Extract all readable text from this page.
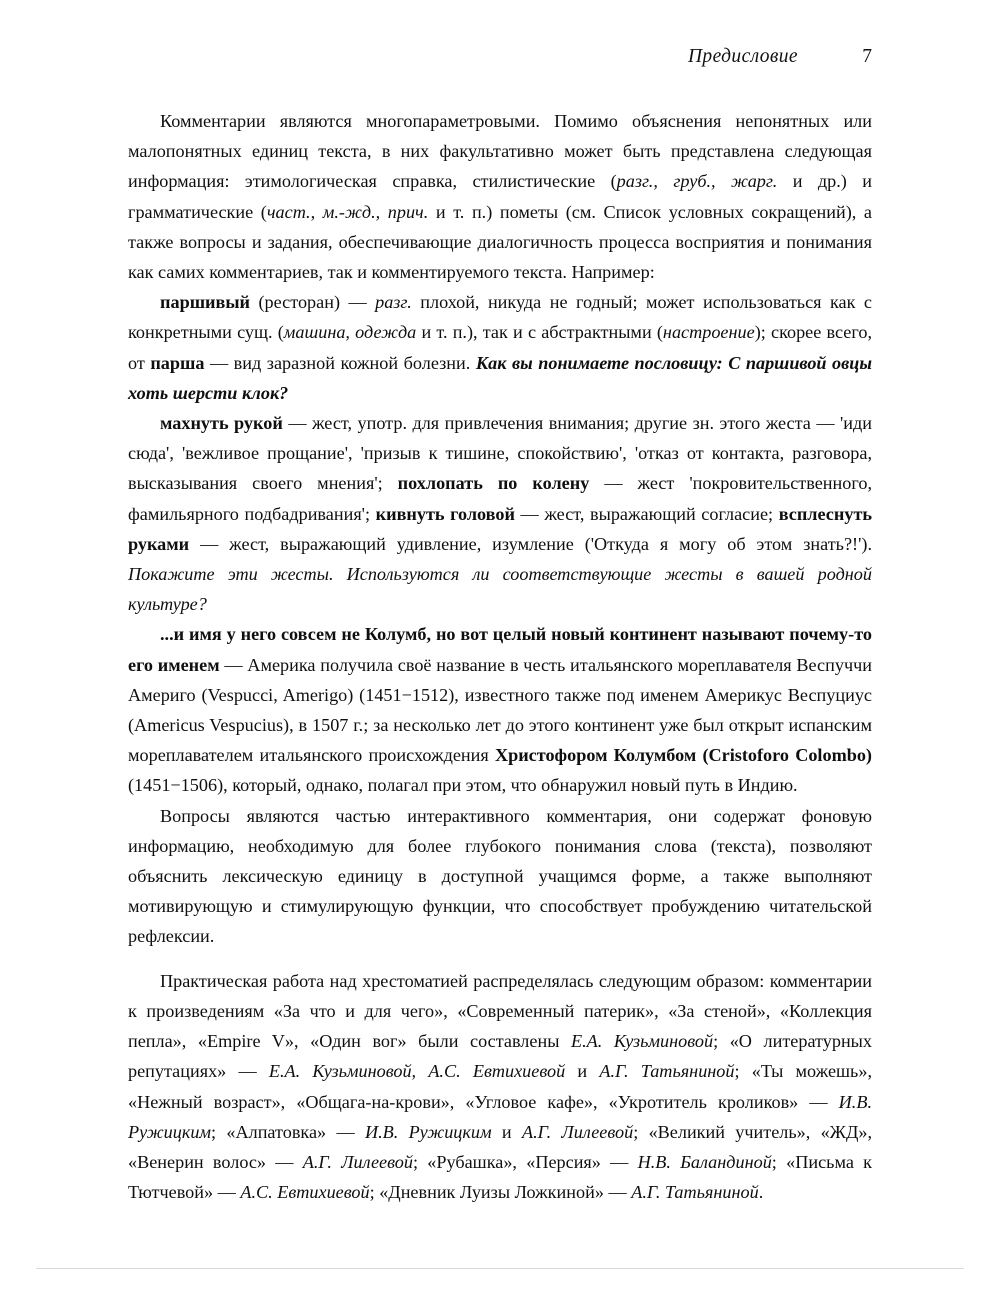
Предисловие	7

Комментарии являются многопараметровыми. Помимо объяснения непонятных или малопонятных единиц текста, в них факультативно может быть представлена следующая информация: этимологическая справка, стилистические (разг., груб., жарг. и др.) и грамматические (част., м.-жд., прич. и т. п.) пометы (см. Список условных сокращений), а также вопросы и задания, обеспечивающие диалогичность процесса восприятия и понимания как самих комментариев, так и комментируемого текста. Например:

паршивый (ресторан) — разг. плохой, никуда не годный; может использоваться как с конкретными сущ. (машина, одежда и т. п.), так и с абстрактными (настроение); скорее всего, от парша — вид заразной кожной болезни. Как вы понимаете пословицу: С паршивой овцы хоть шерсти клок?

махнуть рукой — жест, употр. для привлечения внимания; другие зн. этого жеста — 'иди сюда', 'вежливое прощание', 'призыв к тишине, спокойствию', 'отказ от контакта, разговора, высказывания своего мнения'; похлопать по колену — жест 'покровительственного, фамильярного подбадривания'; кивнуть головой — жест, выражающий согласие; всплеснуть руками — жест, выражающий удивление, изумление ('Откуда я могу об этом знать?!'). Покажите эти жесты. Используются ли соответствующие жесты в вашей родной культуре?

...и имя у него совсем не Колумб, но вот целый новый континент называют почему-то его именем — Америка получила своё название в честь итальянского мореплавателя Веспуччи Америго (Vespucci, Amerigo) (1451−1512), известного также под именем Америкус Веспуциус (Americus Vespucius), в 1507 г.; за несколько лет до этого континент уже был открыт испанским мореплавателем итальянского происхождения Христофором Колумбом (Cristoforo Colombo) (1451−1506), который, однако, полагал при этом, что обнаружил новый путь в Индию.

Вопросы являются частью интерактивного комментария, они содержат фоновую информацию, необходимую для более глубокого понимания слова (текста), позволяют объяснить лексическую единицу в доступной учащимся форме, а также выполняют мотивирующую и стимулирующую функции, что способствует пробуждению читательской рефлексии.

Практическая работа над хрестоматией распределялась следующим образом: комментарии к произведениям «За что и для чего», «Современный патерик», «За стеной», «Коллекция пепла», «Empire V», «Один вог» были составлены Е.А. Кузьминовой; «О литературных репутациях» — Е.А. Кузьминовой, А.С. Евтихиевой и А.Г. Татьяниной; «Ты можешь», «Нежный возраст», «Общага-на-крови», «Угловое кафе», «Укротитель кроликов» — И.В. Ружицким; «Алпатовка» — И.В. Ружицким и А.Г. Лилеевой; «Великий учитель», «ЖД», «Венерин волос» — А.Г. Лилеевой; «Рубашка», «Персия» — Н.В. Баландиной; «Письма к Тютчевой» — А.С. Евтихиевой; «Дневник Луизы Ложкиной» — А.Г. Татьяниной.
